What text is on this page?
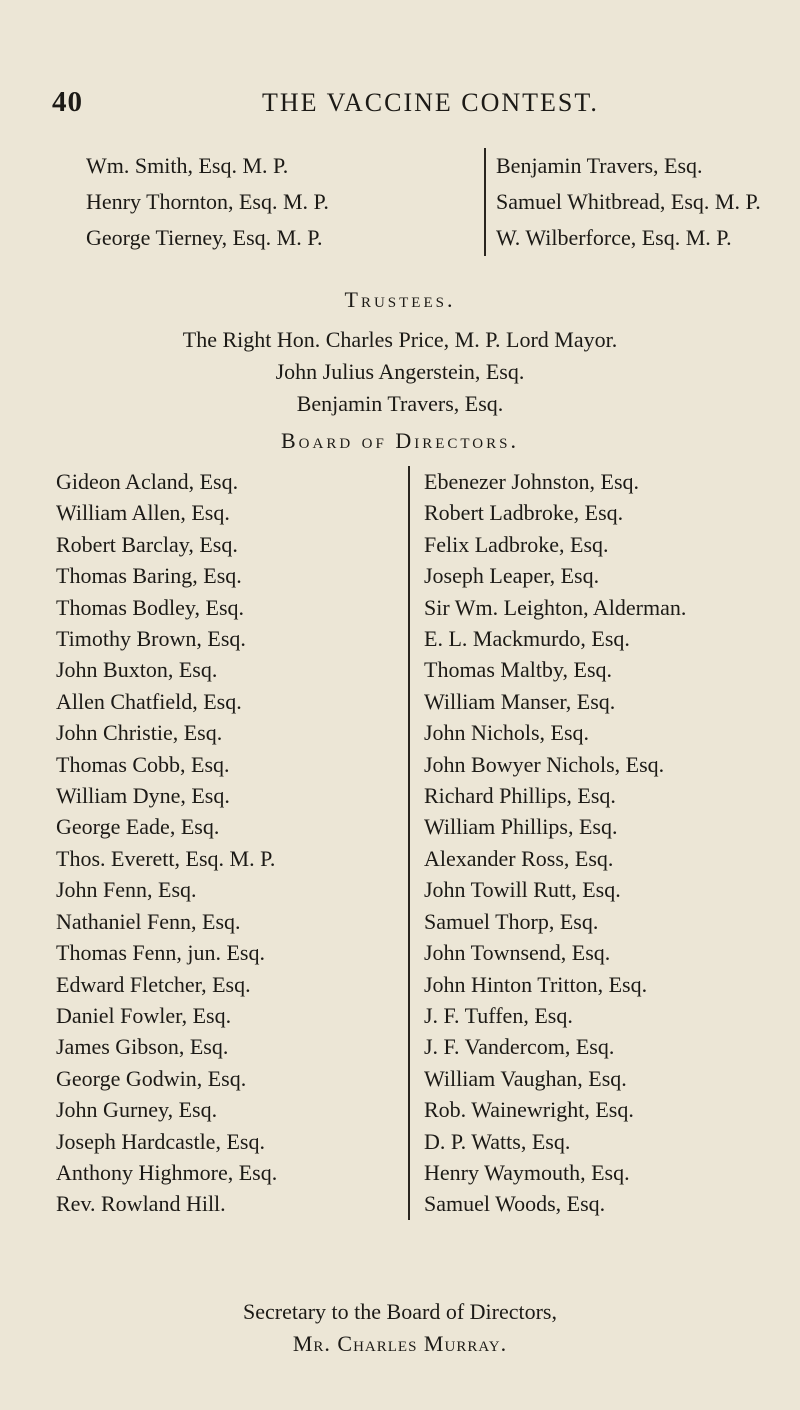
40	THE VACCINE CONTEST.
Wm. Smith, Esq. M. P.
Henry Thornton, Esq. M. P.
George Tierney, Esq. M. P.
Benjamin Travers, Esq.
Samuel Whitbread, Esq. M. P.
W. Wilberforce, Esq. M. P.
Trustees.
The Right Hon. Charles Price, M. P. Lord Mayor.
John Julius Angerstein, Esq.
Benjamin Travers, Esq.
Board of Directors.
Gideon Acland, Esq.
William Allen, Esq.
Robert Barclay, Esq.
Thomas Baring, Esq.
Thomas Bodley, Esq.
Timothy Brown, Esq.
John Buxton, Esq.
Allen Chatfield, Esq.
John Christie, Esq.
Thomas Cobb, Esq.
William Dyne, Esq.
George Eade, Esq.
Thos. Everett, Esq. M. P.
John Fenn, Esq.
Nathaniel Fenn, Esq.
Thomas Fenn, jun. Esq.
Edward Fletcher, Esq.
Daniel Fowler, Esq.
James Gibson, Esq.
George Godwin, Esq.
John Gurney, Esq.
Joseph Hardcastle, Esq.
Anthony Highmore, Esq.
Rev. Rowland Hill.
Ebenezer Johnston, Esq.
Robert Ladbroke, Esq.
Felix Ladbroke, Esq.
Joseph Leaper, Esq.
Sir Wm. Leighton, Alderman.
E. L. Mackmurdo, Esq.
Thomas Maltby, Esq.
William Manser, Esq.
John Nichols, Esq.
John Bowyer Nichols, Esq.
Richard Phillips, Esq.
William Phillips, Esq.
Alexander Ross, Esq.
John Towill Rutt, Esq.
Samuel Thorp, Esq.
John Townsend, Esq.
John Hinton Tritton, Esq.
J. F. Tuffen, Esq.
J. F. Vandercom, Esq.
William Vaughan, Esq.
Rob. Wainewright, Esq.
D. P. Watts, Esq.
Henry Waymouth, Esq.
Samuel Woods, Esq.
Secretary to the Board of Directors,
Mr. Charles Murray.
